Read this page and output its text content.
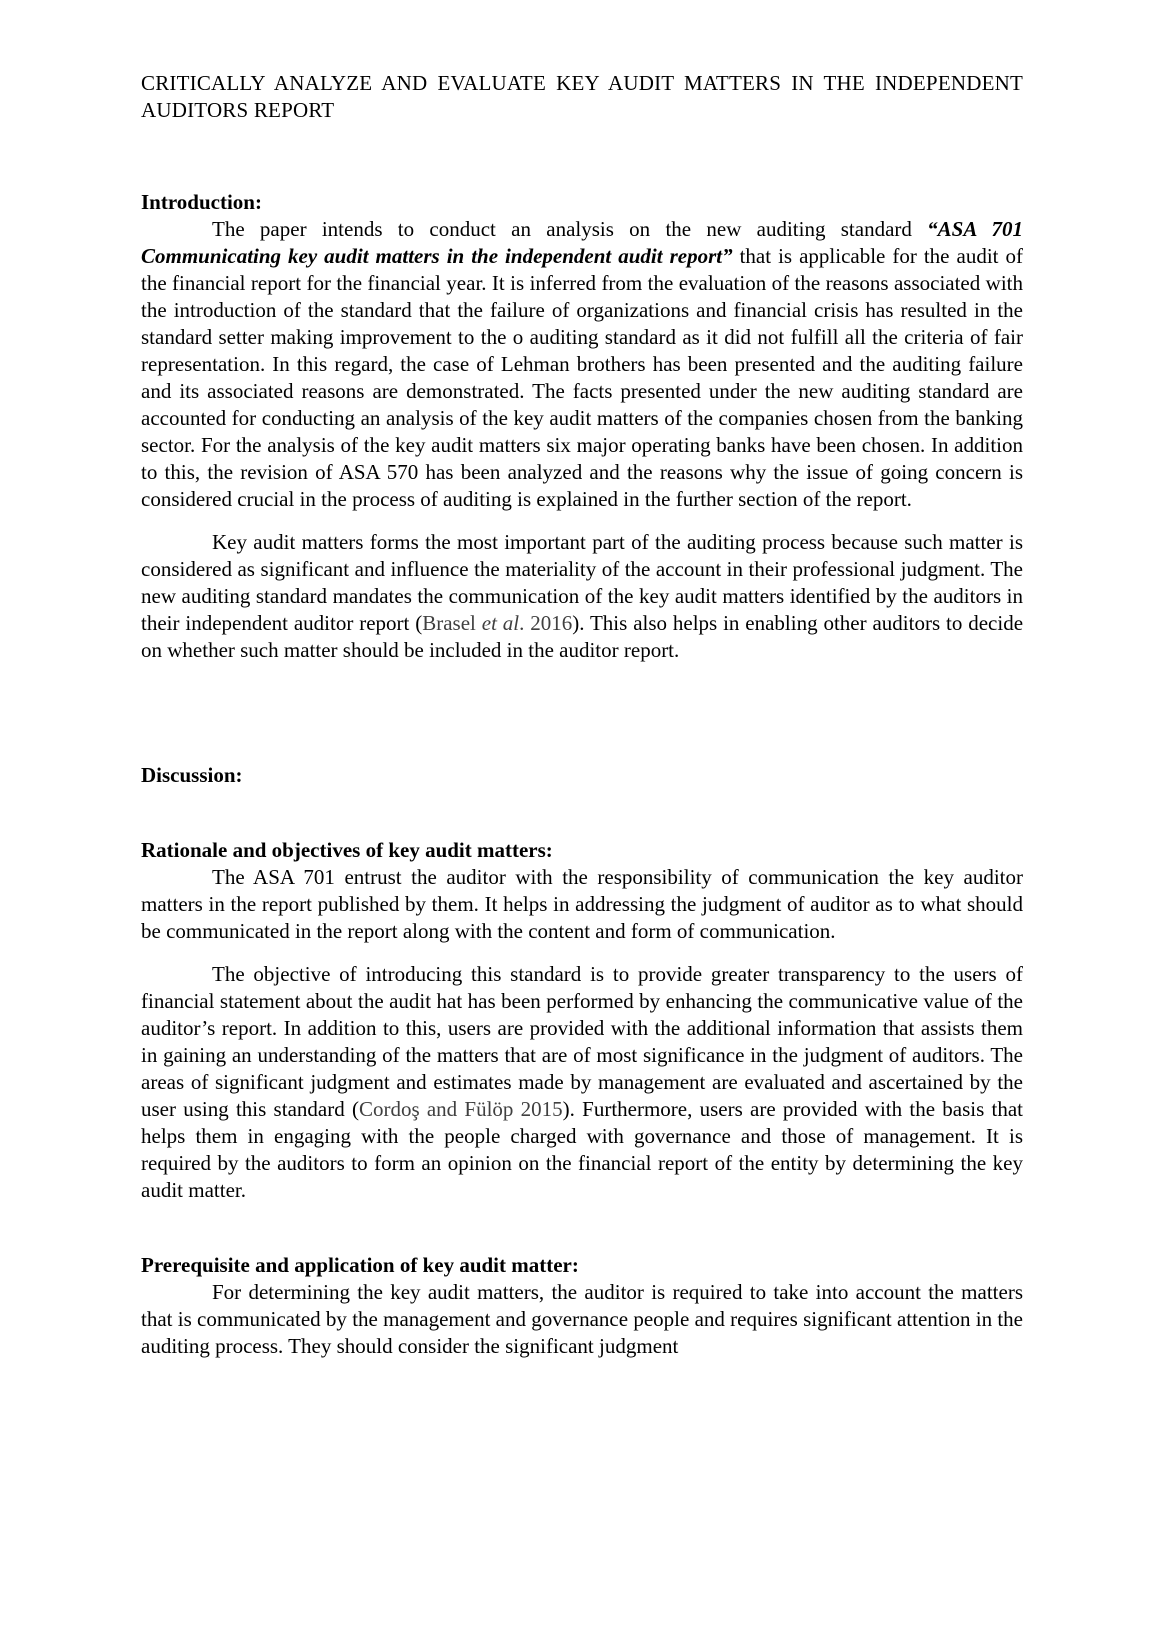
CRITICALLY ANALYZE AND EVALUATE KEY AUDIT MATTERS IN THE INDEPENDENT AUDITORS REPORT

Introduction:

The paper intends to conduct an analysis on the new auditing standard “ASA 701 Communicating key audit matters in the independent audit report” that is applicable for the audit of the financial report for the financial year. It is inferred from the evaluation of the reasons associated with the introduction of the standard that the failure of organizations and financial crisis has resulted in the standard setter making improvement to the o auditing standard as it did not fulfill all the criteria of fair representation. In this regard, the case of Lehman brothers has been presented and the auditing failure and its associated reasons are demonstrated. The facts presented under the new auditing standard are accounted for conducting an analysis of the key audit matters of the companies chosen from the banking sector. For the analysis of the key audit matters six major operating banks have been chosen. In addition to this, the revision of ASA 570 has been analyzed and the reasons why the issue of going concern is considered crucial in the process of auditing is explained in the further section of the report.

Key audit matters forms the most important part of the auditing process because such matter is considered as significant and influence the materiality of the account in their professional judgment. The new auditing standard mandates the communication of the key audit matters identified by the auditors in their independent auditor report (Brasel et al. 2016). This also helps in enabling other auditors to decide on whether such matter should be included in the auditor report.

Discussion:
Rationale and objectives of key audit matters:

The ASA 701 entrust the auditor with the responsibility of communication the key auditor matters in the report published by them. It helps in addressing the judgment of auditor as to what should be communicated in the report along with the content and form of communication.

The objective of introducing this standard is to provide greater transparency to the users of financial statement about the audit hat has been performed by enhancing the communicative value of the auditor’s report. In addition to this, users are provided with the additional information that assists them in gaining an understanding of the matters that are of most significance in the judgment of auditors. The areas of significant judgment and estimates made by management are evaluated and ascertained by the user using this standard (Cordoş and Fülöp 2015). Furthermore, users are provided with the basis that helps them in engaging with the people charged with governance and those of management. It is required by the auditors to form an opinion on the financial report of the entity by determining the key audit matter.

Prerequisite and application of key audit matter:

For determining the key audit matters, the auditor is required to take into account the matters that is communicated by the management and governance people and requires significant attention in the auditing process. They should consider the significant judgment
